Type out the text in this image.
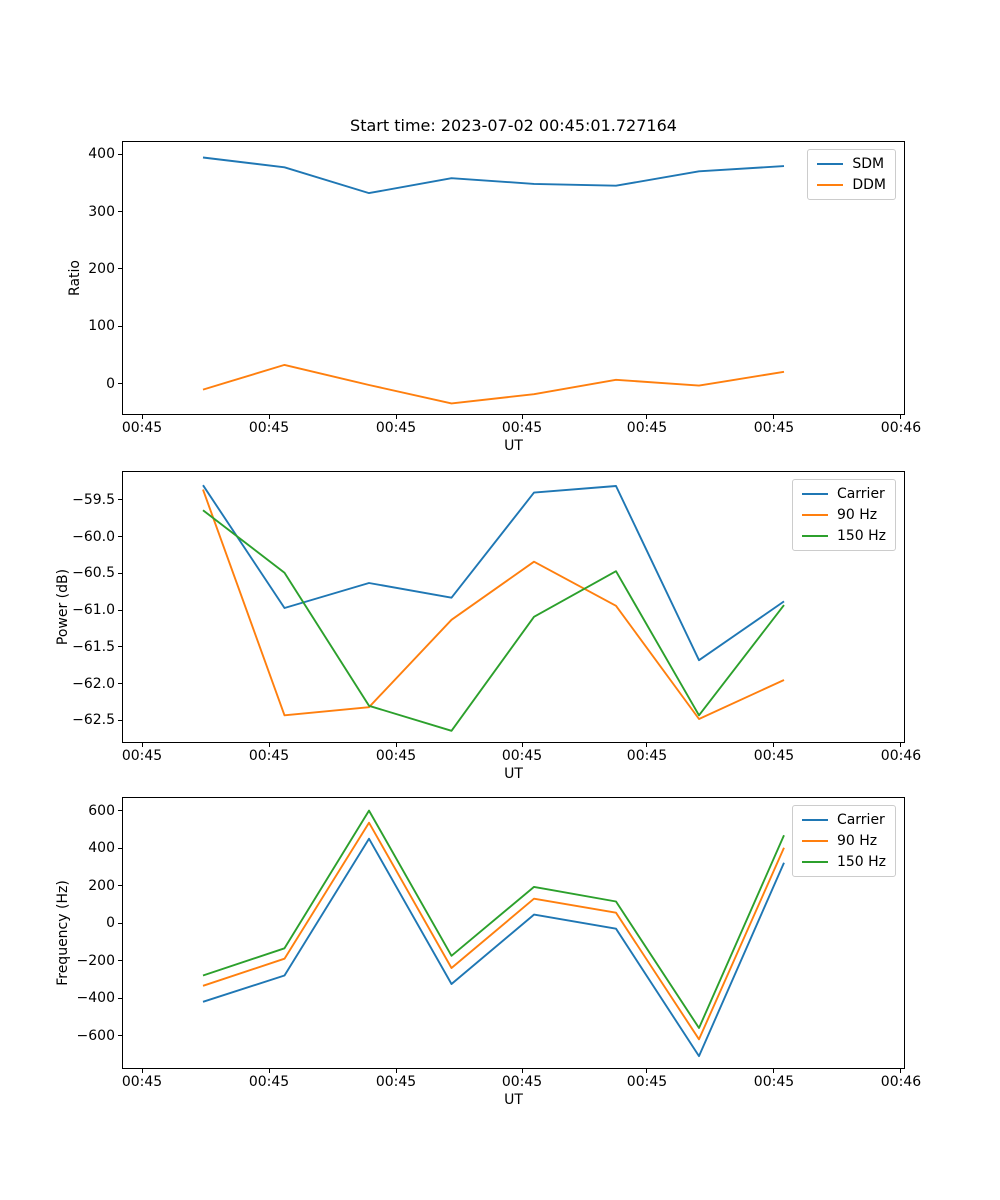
Start time: 2023-07-02 00:45:01.727164
Ratio
UT
SDM
DDM
0
100
200
300
400
00:45	00:45	00:45	00:45	00:45	00:45	00:46
Power (dB)
UT
Carrier
90 Hz
150 Hz
−62.5
−62.0
−61.5
−61.0
−60.5
−60.0
−59.5
00:45	00:45	00:45	00:45	00:45	00:45	00:46
Frequency (Hz)
UT
Carrier
90 Hz
150 Hz
−600
−400
−200
0
200
400
600
00:45	00:45	00:45	00:45	00:45	00:45	00:46
